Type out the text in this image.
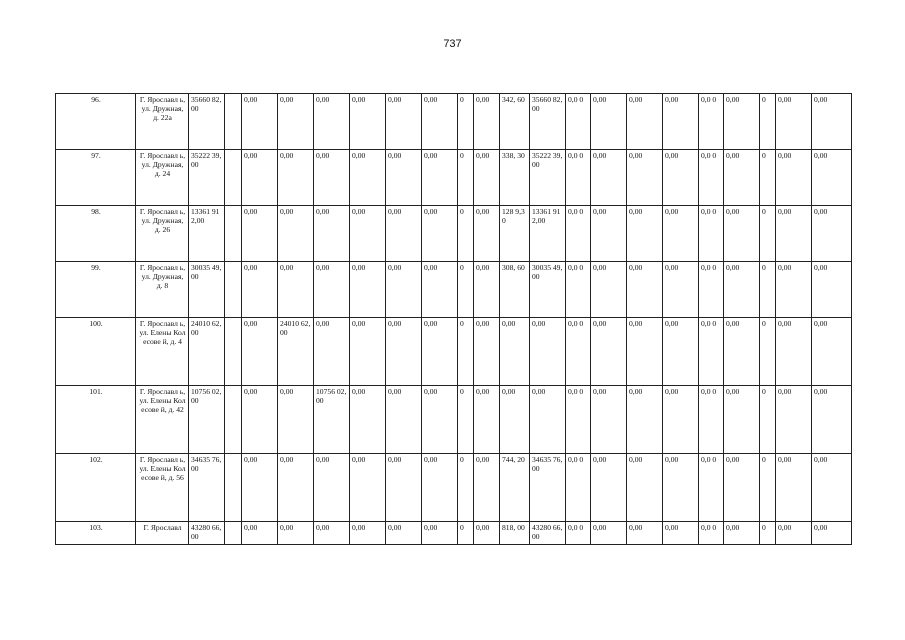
737
96.	Г. Ярославл ь, ул. Дружная, д. 22а	35660 82,00		0,00	0,00	0,00	0,00	0,00	0,00	0	0,00	342, 60	35660 82,00	0,0 0	0,00	0,00	0,00	0,0 0	0,00	0	0,00	0,00
97.	Г. Ярославл ь, ул. Дружная, д. 24	35222 39,00		0,00	0,00	0,00	0,00	0,00	0,00	0	0,00	338, 30	35222 39,00	0,0 0	0,00	0,00	0,00	0,0 0	0,00	0	0,00	0,00
98.	Г. Ярославл ь, ул. Дружная, д. 26	13361 912,00		0,00	0,00	0,00	0,00	0,00	0,00	0	0,00	128 9,30	13361 912,00	0,0 0	0,00	0,00	0,00	0,0 0	0,00	0	0,00	0,00
99.	Г. Ярославл ь, ул. Дружная, д. 8	30035 49,00		0,00	0,00	0,00	0,00	0,00	0,00	0	0,00	308, 60	30035 49,00	0,0 0	0,00	0,00	0,00	0,0 0	0,00	0	0,00	0,00
100.	Г. Ярославл ь, ул. Елены Колесове й, д. 4	24010 62,00		0,00	24010 62,00	0,00	0,00	0,00	0,00	0	0,00	0,00	0,00	0,0 0	0,00	0,00	0,00	0,0 0	0,00	0	0,00	0,00
101.	Г. Ярославл ь, ул. Елены Колесове й, д. 42	10756 02,00		0,00	0,00	10756 02,00	0,00	0,00	0,00	0	0,00	0,00	0,00	0,0 0	0,00	0,00	0,00	0,0 0	0,00	0	0,00	0,00
102.	Г. Ярославл ь, ул. Елены Колесове й, д. 56	34635 76,00		0,00	0,00	0,00	0,00	0,00	0,00	0	0,00	744, 20	34635 76,00	0,0 0	0,00	0,00	0,00	0,0 0	0,00	0	0,00	0,00
103.	Г. Ярославл	43280 66,00		0,00	0,00	0,00	0,00	0,00	0,00	0	0,00	818, 00	43280 66,00	0,0 0	0,00	0,00	0,00	0,0 0	0,00	0	0,00	0,00
